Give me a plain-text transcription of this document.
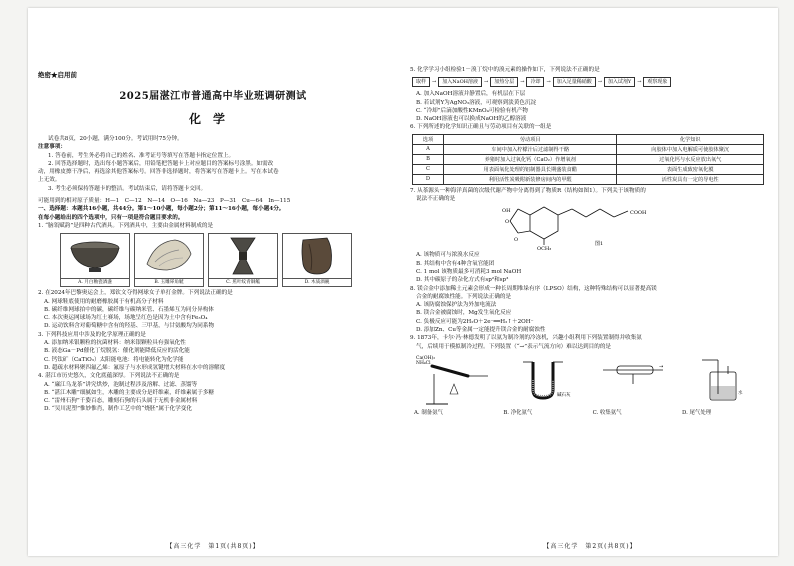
绝密★启用前
2025届湛江市普通高中毕业班调研测试
化学
试卷共8页，20小题，满分100分。考试用时75分钟。
注意事项：
1. 答卷前，考生务必将自己的姓名、准考证号等填写在答题卡指定位置上。
2. 回答选择题时，选出每小题答案后，用铅笔把答题卡上对应题目的答案标号涂黑。如需改
动，用橡皮擦干净后，再选涂其他答案标号。回答非选择题时，将答案写在答题卡上。写在本试卷
上无效。
3. 考生必须保持答题卡的整洁。考试结束后，请将答题卡交回。
可能用到的相对原子质量：H—1　C—12　N—14　O—16　Na—23　P—31　Cu—64　In—115
一、选择题：本题共16小题，共44分。第1～10小题，每小题2分；第11～16小题，每小题4分。
在每小题给出的四个选项中，只有一项是符合题目要求的。
1. “脑瓴赋韵”是四种古代酒具。下列酒具中，主要由金属材料制成的是
A. 月白釉瓷酒盏	B. 玉雕犀角觥	C. 蕉叶纹青铜觚	D. 木质酒碗
2. 在2024年巴黎奥运会上，郑钦文夺得网球女子单打金牌。下列说法正确的是
A. 网球鞋底使用的耐磨橡胶属于有机高分子材料
B. 碳纤维网球拍中的碳，碳纤维与碳纳米管、石墨烯互为同分异构体
C. 本次奥运网球场为红土赛场，场地呈红色是因为土中含有Fe₃O₄
D. 运动饮料含对葡萄糖中含有的羟基、三甲基，与甘氨酸均为同系物
3. 下列科技应用中涉及的化学原理正确的是
A. 添加纳米银颗粒的抗菌材料：纳米银颗粒具有强氧化性
B. 液态Ga－Pd催化丁烷脱氢：催化剂能降低反应的活化能
C. 钙钛矿（CaTiO₃）太阳能电池：将电能转化为化学能
D. 超疏水材料聚四氟乙烯：氟原子与水形成氢键增大材料在水中的溶解度
4. 湛江市历史悠久，文化底蕴深厚。下列说法不正确的是
A. “廉江乌龙茶”讲究烘炒，泡制过程涉及溶解、过滤、蒸馏等
B. “湛江木雕”细腻如生，木雕的主要成分是纤维素，纤维素属于多糖
C. “雷州石狗”千姿百态，雕刻石狗的石头属于无机非金属材料
D. “吴川泥塑”惟妙惟肖，制作工艺中的“烧胚”属于化学变化
【高三化学　第1页(共8页)】
5. 化学学习小组检验1－溴丁烷中的溴元素的操作如下，下列说法不正确的是
取样	→	加入NaOH溶液	→	加热分层	→	冷却	→	加入足量稀硝酸	→	加入试剂Y	→	观察现象
A. 加入NaOH溶液并静置后，有机层在下层
B. 若试剂Y为AgNO₃溶液，可观察到淡黄色沉淀
C. “冷却”后滴加酸性KMnO₄可检验有机产物
D. NaOH溶液也可以换成NaOH的乙醇溶液
6. 下列所述的化学知识正确且与劳动项目有关联的一组是
选项	劳动项目	化学知识
A	车间中加入柠檬汁后过滤制得干酪	向胶体中加入电解质可使胶体聚沉
B	养猪时加入过氧化钙（CaO₂）作增氧剂	过氧化钙与水反应放出氧气
C	用表面氧化处理的铝制器具长期盛装食醋	表面生成致密氧化膜
D	利用活性炭吸附新装修房间内的甲醛	活性炭具有一定的导电性
7. 从茶源头一种海洋真菌的次级代谢产物中分离得到了物质R（结构如图1）。下列关于该物质的
说法不正确的是
OH
O
O
COOH
OCH₃
图1
A. 该物质可与浓溴水反应
B. 其结构中含有4种含氧官能团
C. 1 mol 该物质最多可消耗3 mol NaOH
D. 其中碳原子的杂化方式有sp²和sp³
8. 镁合金中添加稀土元素会形成一种长周期堆垛有序（LPSO）结构，这种特殊结构可以显著提高镁
合金的耐腐蚀性能。下列说法正确的是
A. 该防腐蚀保护法为外加电流法
B. 镁合金被腐蚀时，Mg发生氧化反应
C. 负极反应可能为2H₂O＋2e⁻══H₂↑＋2OH⁻
D. 添加Zn、Cu等金属一定能提升镁合金的耐腐蚀性
9. 1873年，卡尔·冯·林德发明了以氨为制冷剂的冷冻机，兴趣小组利用下列装置制得并收集氨
气，后续用于模拟制冷过程。下列装置（“→”表示气流方向）难以达到目的的是
Ca(OH)₂
NH₄Cl
A. 制备氨气
碱石灰
B. 净化氨气
→
C. 收集氨气
水
D. 尾气处理
【高三化学　第2页(共8页)】
